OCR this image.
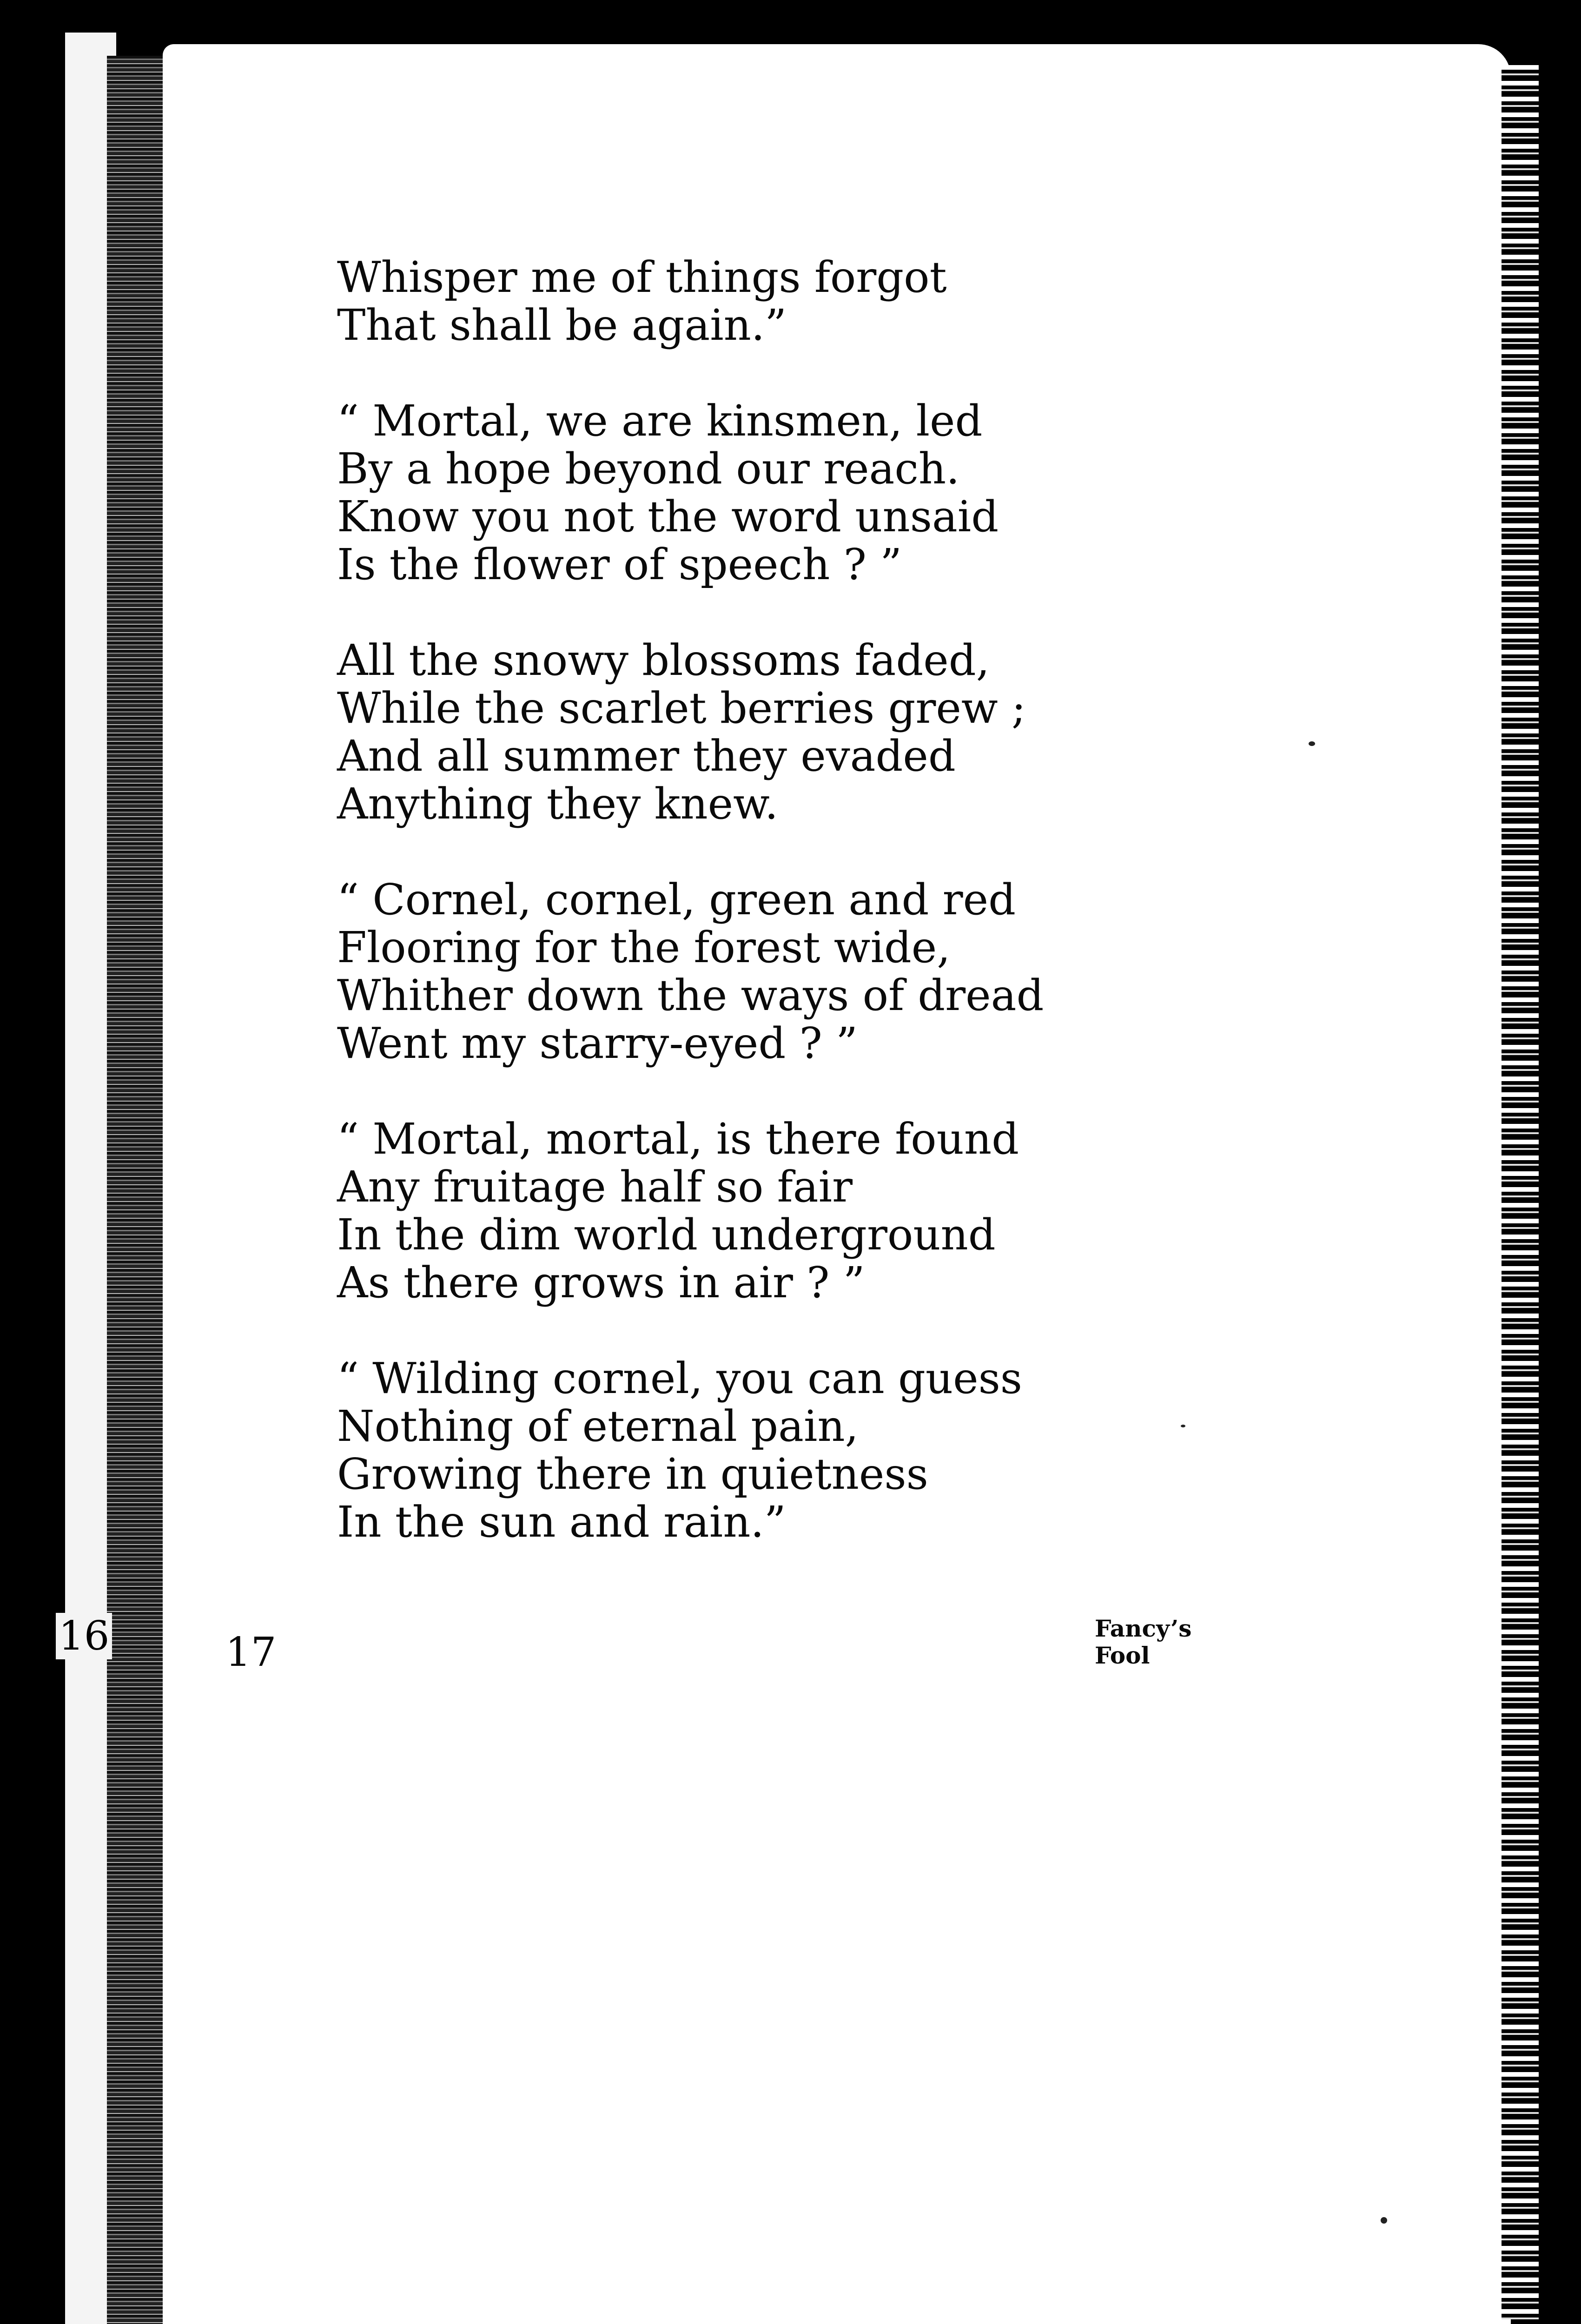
Whisper me of things forgot
That shall be again.”
“ Mortal, we are kinsmen, led
By a hope beyond our reach.
Know you not the word unsaid
Is the flower of speech ? ”
All the snowy blossoms faded,
While the scarlet berries grew ;
And all summer they evaded
Anything they knew.
“ Cornel, cornel, green and red
Flooring for the forest wide,
Whither down the ways of dread
Went my starry-eyed ? ”
“ Mortal, mortal, is there found
Any fruitage half so fair
In the dim world underground
As there grows in air ? ”
“ Wilding cornel, you can guess
Nothing of eternal pain,
Growing there in quietness
In the sun and rain.”
16	17
Fancy’s
Fool
